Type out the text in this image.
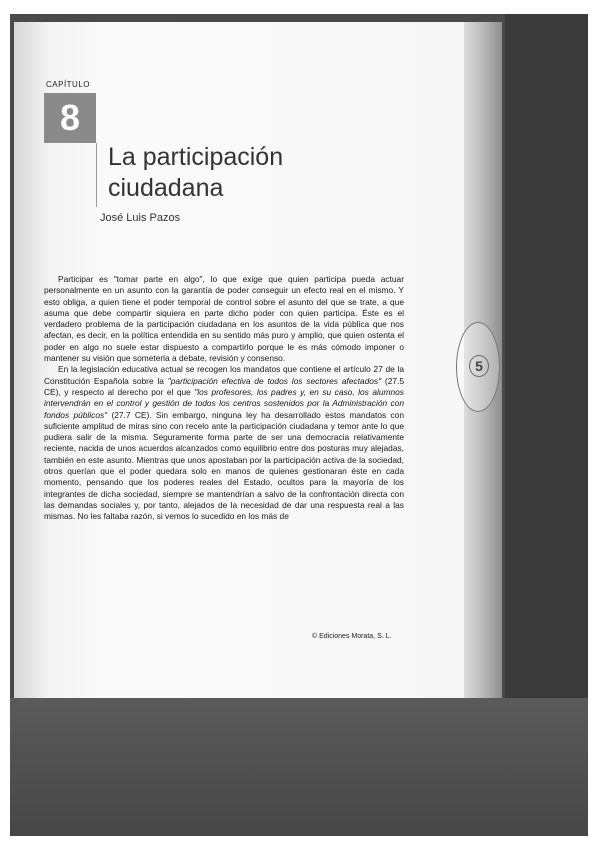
CAPÍTULO
8
La participación
ciudadana
José Luis Pazos

Participar es "tomar parte en algo", lo que exige que quien participa pueda actuar personalmente en un asunto con la garantía de poder conseguir un efecto real en el mismo. Y esto obliga, a quien tiene el poder temporal de control sobre el asunto del que se trate, a que asuma que debe compartir siquiera en parte dicho poder con quien participa. Éste es el verdadero problema de la participación ciudadana en los asuntos de la vida pública que nos afectan, es decir, en la política entendida en su sentido más puro y amplio, que quien ostenta el poder en algo no suele estar dispuesto a compartirlo porque le es más cómodo imponer o mantener su visión que someterla a debate, revisión y consenso.

En la legislación educativa actual se recogen los mandatos que contiene el artículo 27 de la Constitución Española sobre la "participación efectiva de todos los sectores afectados" (27.5 CE), y respecto al derecho por el que "los profesores, los padres y, en su caso, los alumnos intervendrán en el control y gestión de todos los centros sostenidos por la Administración con fondos públicos" (27.7 CE). Sin embargo, ninguna ley ha desarrollado estos mandatos con suficiente amplitud de miras sino con recelo ante la participación ciudadana y temor ante lo que pudiera salir de la misma. Seguramente forma parte de ser una democracia relativamente reciente, nacida de unos acuerdos alcanzados como equilibrio entre dos posturas muy alejadas, también en este asunto. Mientras que unos apostaban por la participación activa de la sociedad, otros querían que el poder quedara solo en manos de quienes gestionaran éste en cada momento, pensando que los poderes reales del Estado, ocultos para la mayoría de los integrantes de dicha sociedad, siempre se mantendrían a salvo de la confrontación directa con las demandas sociales y, por tanto, alejados de la necesidad de dar una respuesta real a las mismas. No les faltaba razón, si vemos lo sucedido en los más de

© Ediciones Morata, S. L.
5
